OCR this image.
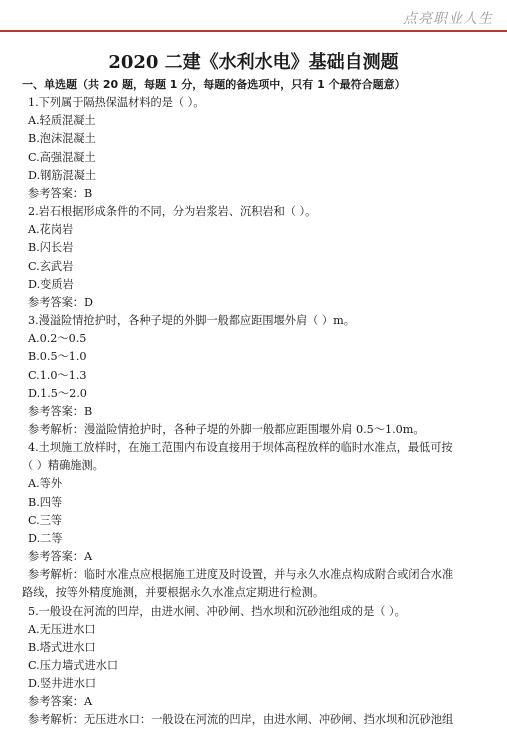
点亮职业人生
2020 二建《水利水电》基础自测题
一、单选题（共 20 题，每题 1 分，每题的备选项中，只有 1 个最符合题意）
1.下列属于隔热保温材料的是（ ）。
A.轻质混凝土
B.泡沫混凝土
C.高强混凝土
D.钢筋混凝土
参考答案：B
2.岩石根据形成条件的不同，分为岩浆岩、沉积岩和（ ）。
A.花岗岩
B.闪长岩
C.玄武岩
D.变质岩
参考答案：D
3.漫溢险情抢护时，各种子堤的外脚一般都应距围堰外肩（ ）m。
A.0.2～0.5
B.0.5～1.0
C.1.0～1.3
D.1.5～2.0
参考答案：B
参考解析：漫溢险情抢护时，各种子堤的外脚一般都应距围堰外肩 0.5～1.0m。
4.土坝施工放样时，在施工范围内布设直接用于坝体高程放样的临时水准点，最低可按
（ ）精确施测。
A.等外
B.四等
C.三等
D.二等
参考答案：A
参考解析：临时水准点应根据施工进度及时设置，并与永久水准点构成附合或闭合水准
路线，按等外精度施测，并要根据永久水准点定期进行检测。
5.一般设在河流的凹岸，由进水闸、冲砂闸、挡水坝和沉砂池组成的是（ ）。
A.无压进水口
B.塔式进水口
C.压力墙式进水口
D.竖井进水口
参考答案：A
参考解析：无压进水口：一般设在河流的凹岸，由进水闸、冲砂闸、挡水坝和沉砂池组
